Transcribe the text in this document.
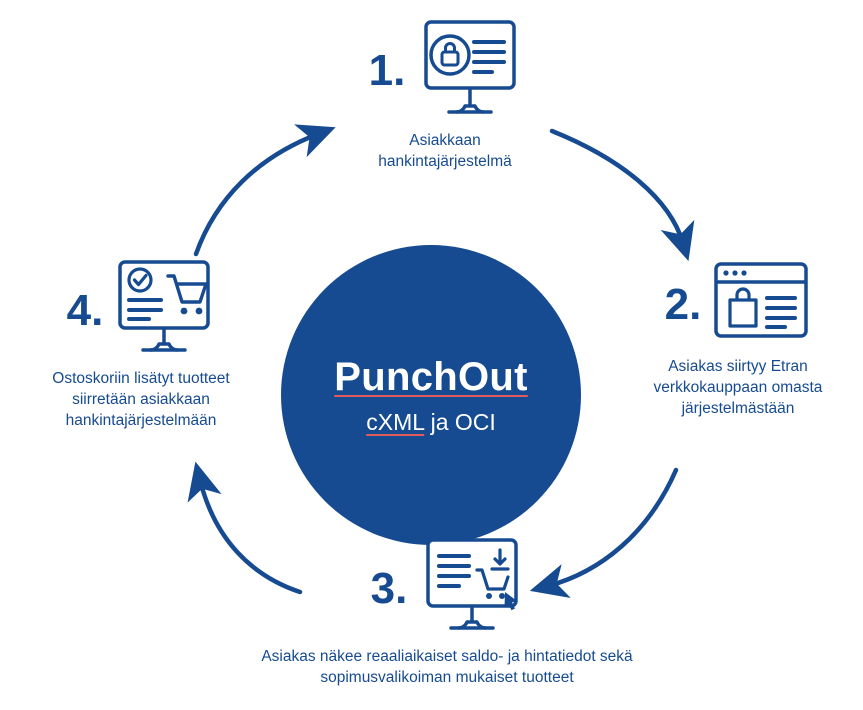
PunchOut
cXML ja OCI
1.
Asiakkaan
hankintajärjestelmä
2.
Asiakas siirtyy Etran
verkkokauppaan omasta
järjestelmästään
3.
Asiakas näkee reaaliaikaiset saldo- ja hintatiedot sekä
sopimusvalikoiman mukaiset tuotteet
4.
Ostoskoriin lisätyt tuotteet
siirretään asiakkaan
hankintajärjestelmään
